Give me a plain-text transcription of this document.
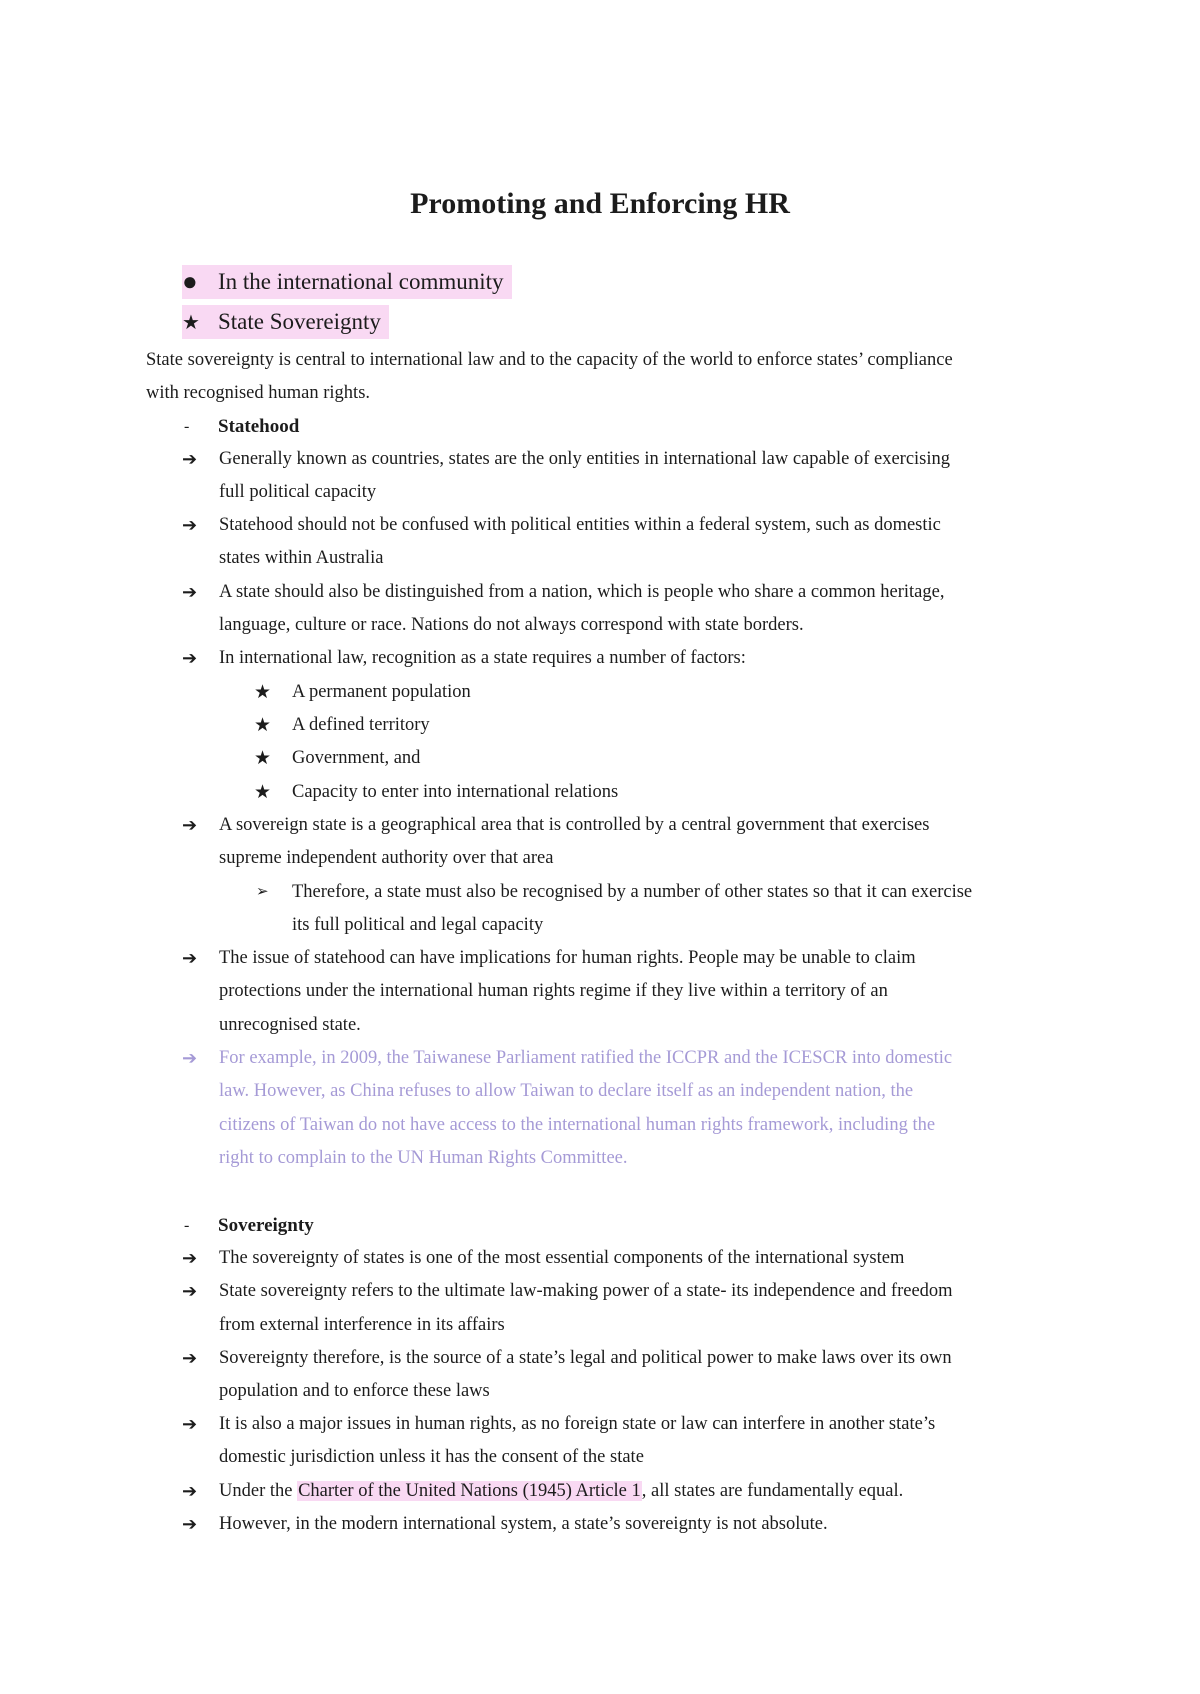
Promoting and Enforcing HR
● In the international community
★ State Sovereignty
State sovereignty is central to international law and to the capacity of the world to enforce states’ compliance
with recognised human rights.
- Statehood
➔ Generally known as countries, states are the only entities in international law capable of exercising
full political capacity
➔ Statehood should not be confused with political entities within a federal system, such as domestic
states within Australia
➔ A state should also be distinguished from a nation, which is people who share a common heritage,
language, culture or race. Nations do not always correspond with state borders.
➔ In international law, recognition as a state requires a number of factors:
★ A permanent population
★ A defined territory
★ Government, and
★ Capacity to enter into international relations
➔ A sovereign state is a geographical area that is controlled by a central government that exercises
supreme independent authority over that area
➢ Therefore, a state must also be recognised by a number of other states so that it can exercise
its full political and legal capacity
➔ The issue of statehood can have implications for human rights. People may be unable to claim
protections under the international human rights regime if they live within a territory of an
unrecognised state.
➔ For example, in 2009, the Taiwanese Parliament ratified the ICCPR and the ICESCR into domestic
law. However, as China refuses to allow Taiwan to declare itself as an independent nation, the
citizens of Taiwan do not have access to the international human rights framework, including the
right to complain to the UN Human Rights Committee.
- Sovereignty
➔ The sovereignty of states is one of the most essential components of the international system
➔ State sovereignty refers to the ultimate law-making power of a state- its independence and freedom
from external interference in its affairs
➔ Sovereignty therefore, is the source of a state’s legal and political power to make laws over its own
population and to enforce these laws
➔ It is also a major issues in human rights, as no foreign state or law can interfere in another state’s
domestic jurisdiction unless it has the consent of the state
➔ Under the Charter of the United Nations (1945) Article 1, all states are fundamentally equal.
➔ However, in the modern international system, a state’s sovereignty is not absolute.
